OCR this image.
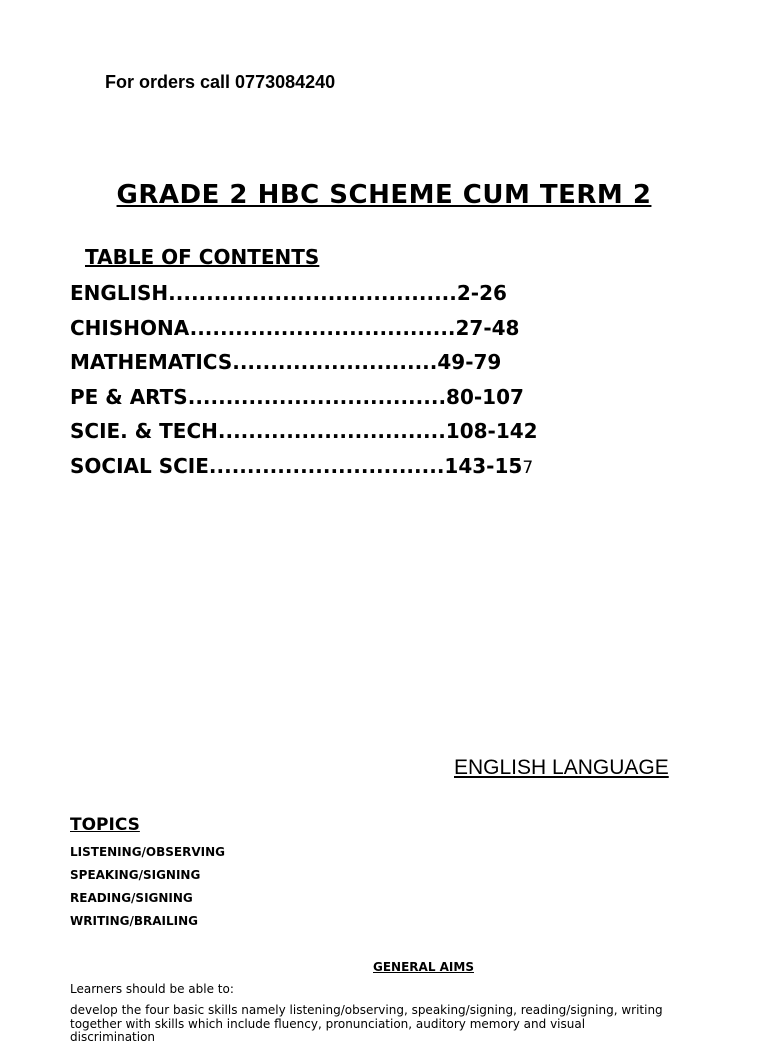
For orders call 0773084240
GRADE 2 HBC SCHEME CUM TERM 2
TABLE OF CONTENTS
ENGLISH......................................2-26
CHISHONA...................................27-48
MATHEMATICS...........................49-79
PE & ARTS..................................80-107
SCIE. & TECH..............................108-142
SOCIAL SCIE...............................143-157
ENGLISH LANGUAGE
TOPICS
LISTENING/OBSERVING
SPEAKING/SIGNING
READING/SIGNING
WRITING/BRAILING
GENERAL AIMS
Learners should be able to:
develop the four basic skills namely listening/observing, speaking/signing, reading/signing, writing together with skills which include fluency, pronunciation, auditory memory and visual discrimination
